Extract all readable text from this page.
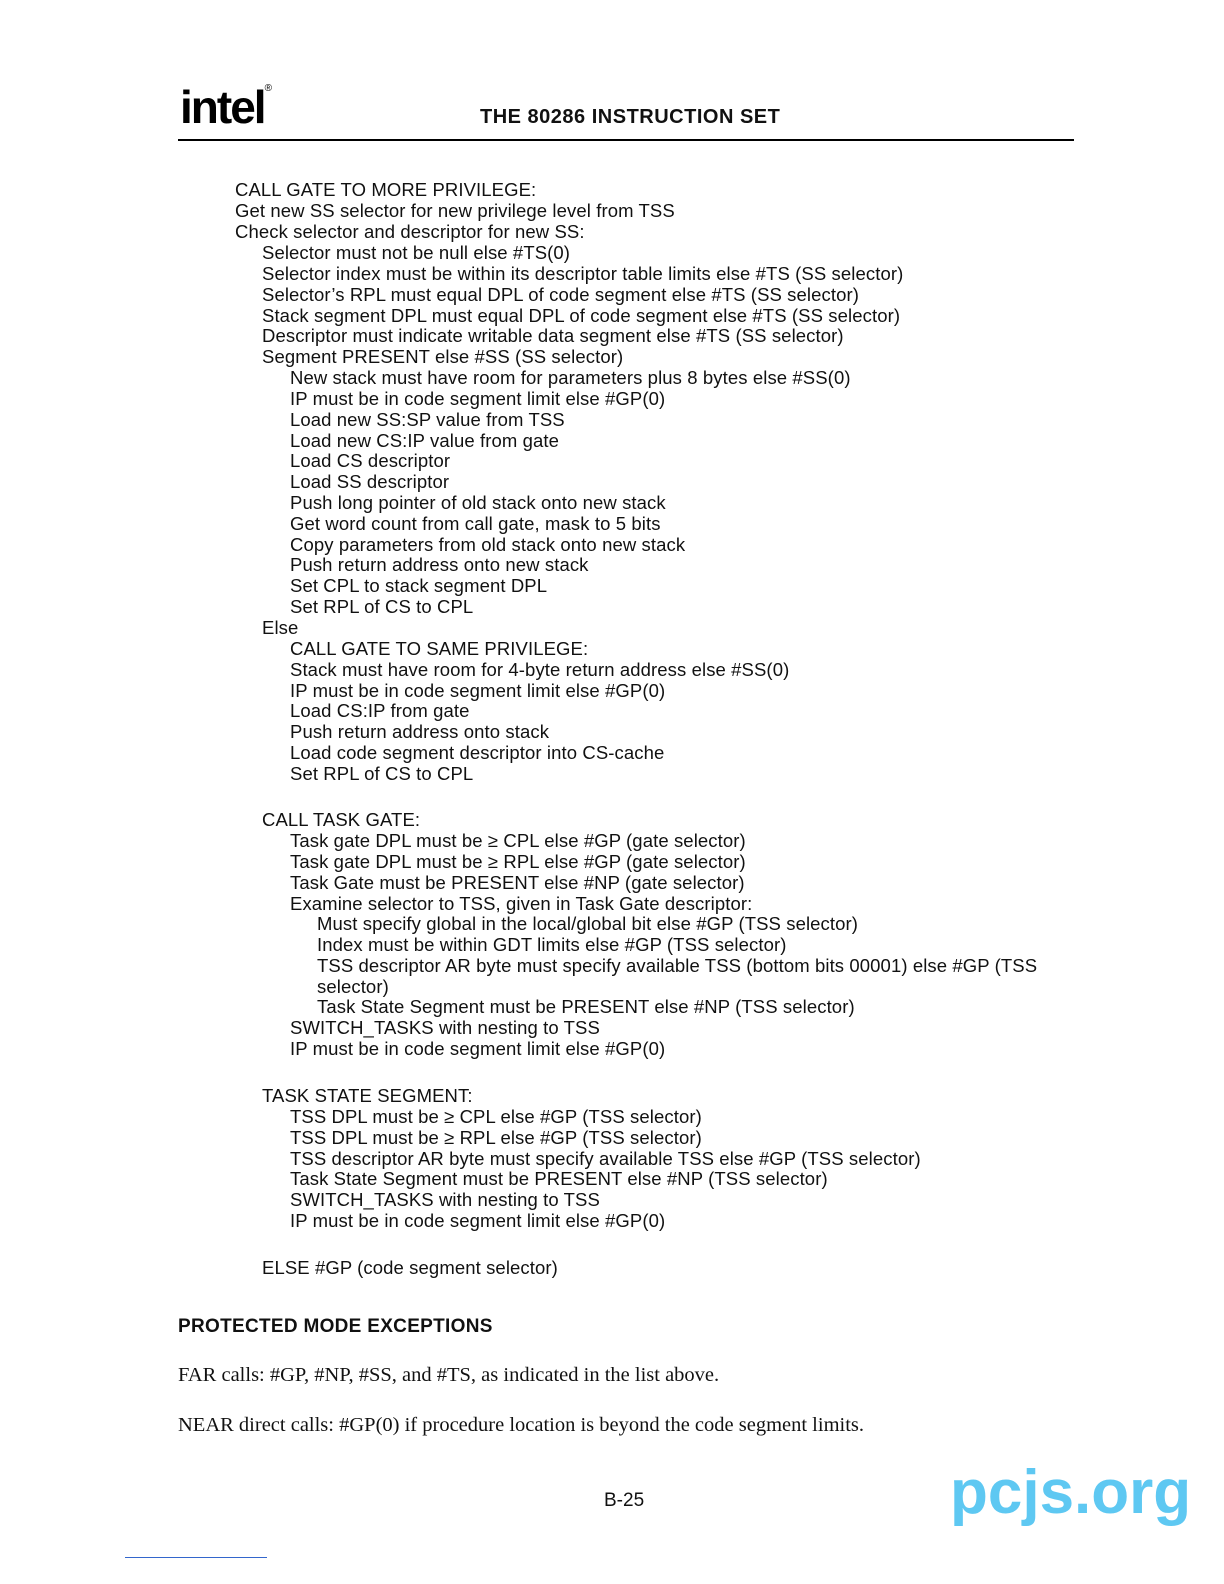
intel®
THE 80286 INSTRUCTION SET
CALL GATE TO MORE PRIVILEGE:
Get new SS selector for new privilege level from TSS
Check selector and descriptor for new SS:
Selector must not be null else #TS(0)
Selector index must be within its descriptor table limits else #TS (SS selector)
Selector’s RPL must equal DPL of code segment else #TS (SS selector)
Stack segment DPL must equal DPL of code segment else #TS (SS selector)
Descriptor must indicate writable data segment else #TS (SS selector)
Segment PRESENT else #SS (SS selector)
New stack must have room for parameters plus 8 bytes else #SS(0)
IP must be in code segment limit else #GP(0)
Load new SS:SP value from TSS
Load new CS:IP value from gate
Load CS descriptor
Load SS descriptor
Push long pointer of old stack onto new stack
Get word count from call gate, mask to 5 bits
Copy parameters from old stack onto new stack
Push return address onto new stack
Set CPL to stack segment DPL
Set RPL of CS to CPL
Else
CALL GATE TO SAME PRIVILEGE:
Stack must have room for 4-byte return address else #SS(0)
IP must be in code segment limit else #GP(0)
Load CS:IP from gate
Push return address onto stack
Load code segment descriptor into CS-cache
Set RPL of CS to CPL
CALL TASK GATE:
Task gate DPL must be ≥ CPL else #GP (gate selector)
Task gate DPL must be ≥ RPL else #GP (gate selector)
Task Gate must be PRESENT else #NP (gate selector)
Examine selector to TSS, given in Task Gate descriptor:
Must specify global in the local/global bit else #GP (TSS selector)
Index must be within GDT limits else #GP (TSS selector)
TSS descriptor AR byte must specify available TSS (bottom bits 00001) else #GP (TSS
selector)
Task State Segment must be PRESENT else #NP (TSS selector)
SWITCH_TASKS with nesting to TSS
IP must be in code segment limit else #GP(0)
TASK STATE SEGMENT:
TSS DPL must be ≥ CPL else #GP (TSS selector)
TSS DPL must be ≥ RPL else #GP (TSS selector)
TSS descriptor AR byte must specify available TSS else #GP (TSS selector)
Task State Segment must be PRESENT else #NP (TSS selector)
SWITCH_TASKS with nesting to TSS
IP must be in code segment limit else #GP(0)
ELSE #GP (code segment selector)
PROTECTED MODE EXCEPTIONS
FAR calls: #GP, #NP, #SS, and #TS, as indicated in the list above.
NEAR direct calls: #GP(0) if procedure location is beyond the code segment limits.
B-25	pcjs.org
